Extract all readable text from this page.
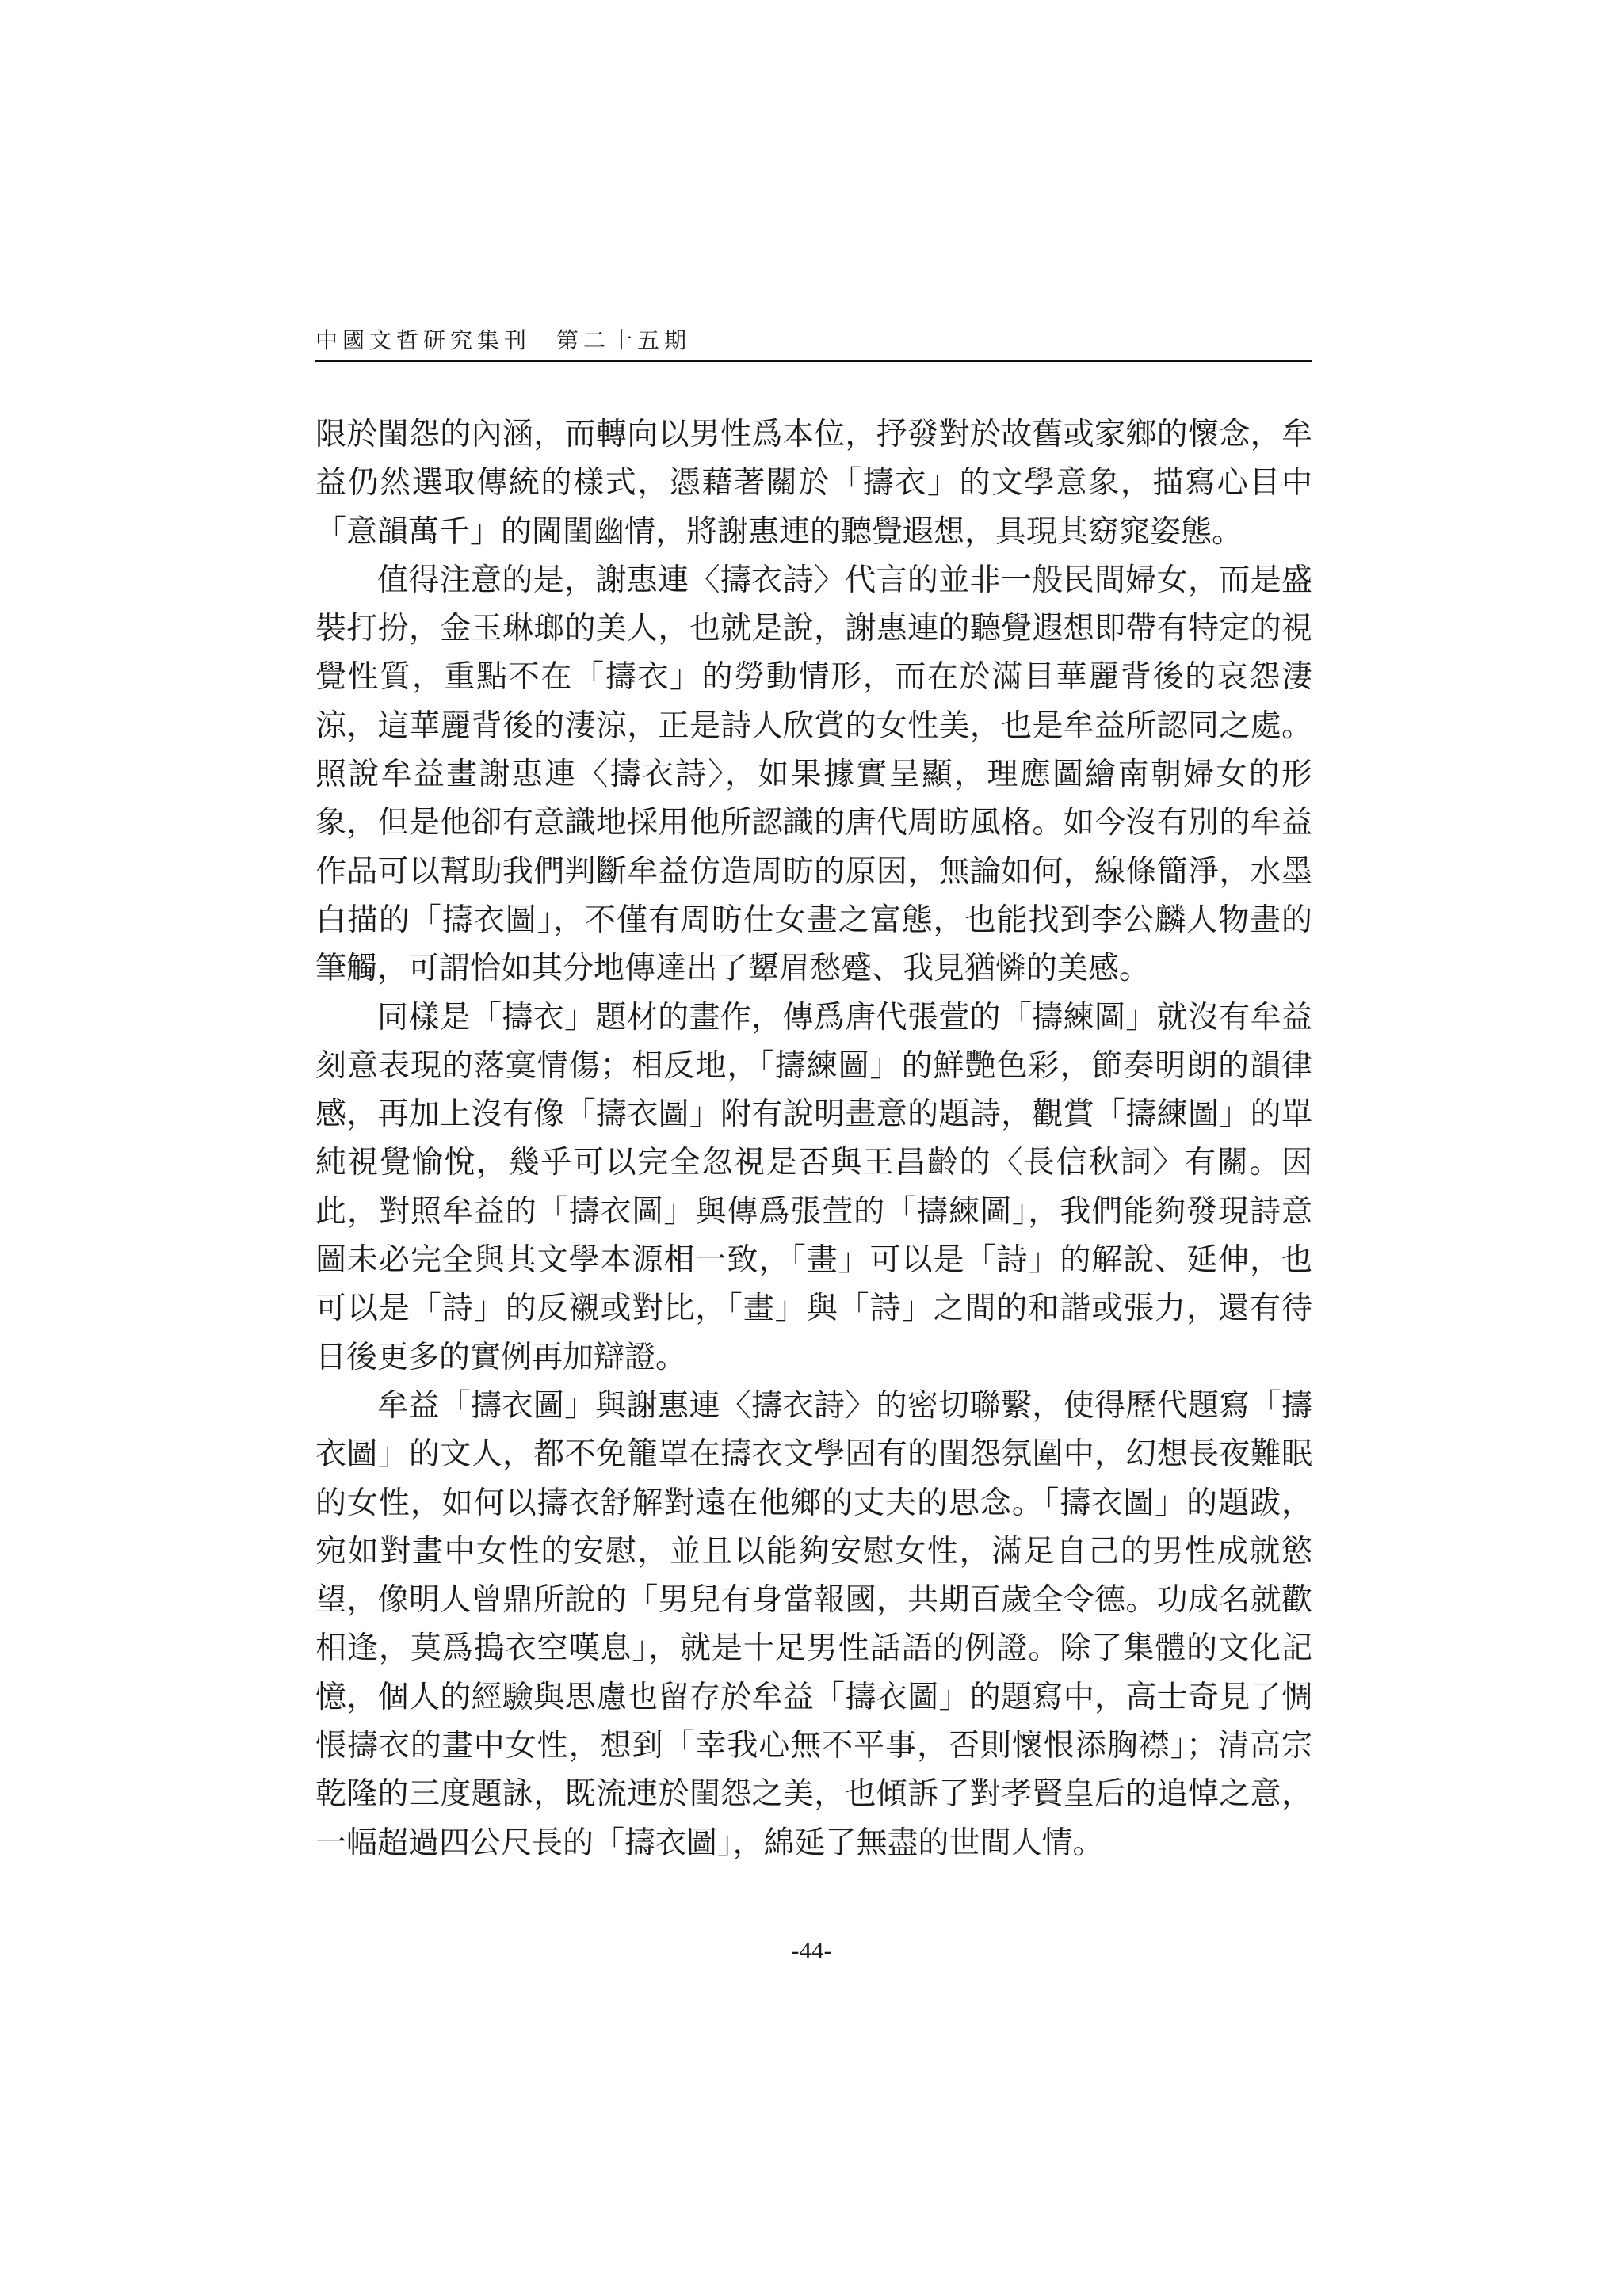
中國文哲研究集刊 第二十五期

限於閨怨的內涵，而轉向以男性爲本位，抒發對於故舊或家鄉的懷念，牟益仍然選取傳統的樣式，憑藉著關於「擣衣」的文學意象，描寫心目中「意韻萬千」的閫閨幽情，將謝惠連的聽覺遐想，具現其窈窕姿態。

值得注意的是，謝惠連〈擣衣詩〉代言的並非一般民間婦女，而是盛裝打扮，金玉琳瑯的美人，也就是說，謝惠連的聽覺遐想即帶有特定的視覺性質，重點不在「擣衣」的勞動情形，而在於滿目華麗背後的哀怨淒涼，這華麗背後的淒涼，正是詩人欣賞的女性美，也是牟益所認同之處。照說牟益畫謝惠連〈擣衣詩〉，如果據實呈顯，理應圖繪南朝婦女的形象，但是他卻有意識地採用他所認識的唐代周昉風格。如今沒有別的牟益作品可以幫助我們判斷牟益仿造周昉的原因，無論如何，線條簡淨，水墨白描的「擣衣圖」，不僅有周昉仕女畫之富態，也能找到李公麟人物畫的筆觸，可謂恰如其分地傳達出了顰眉愁蹙、我見猶憐的美感。

同樣是「擣衣」題材的畫作，傳爲唐代張萱的「擣練圖」就沒有牟益刻意表現的落寞情傷；相反地，「擣練圖」的鮮艷色彩，節奏明朗的韻律感，再加上沒有像「擣衣圖」附有說明畫意的題詩，觀賞「擣練圖」的單純視覺愉悅，幾乎可以完全忽視是否與王昌齡的〈長信秋詞〉有關。因此，對照牟益的「擣衣圖」與傳爲張萱的「擣練圖」，我們能夠發現詩意圖未必完全與其文學本源相一致，「畫」可以是「詩」的解說、延伸，也可以是「詩」的反襯或對比，「畫」與「詩」之間的和諧或張力，還有待日後更多的實例再加辯證。

牟益「擣衣圖」與謝惠連〈擣衣詩〉的密切聯繫，使得歷代題寫「擣衣圖」的文人，都不免籠罩在擣衣文學固有的閨怨氛圍中，幻想長夜難眠的女性，如何以擣衣舒解對遠在他鄉的丈夫的思念。「擣衣圖」的題跋，宛如對畫中女性的安慰，並且以能夠安慰女性，滿足自己的男性成就慾望，像明人曾鼎所說的「男兒有身當報國，共期百歲全令德。功成名就歡相逢，莫爲搗衣空嘆息」，就是十足男性話語的例證。除了集體的文化記憶，個人的經驗與思慮也留存於牟益「擣衣圖」的題寫中，高士奇見了惆悵擣衣的畫中女性，想到「幸我心無不平事，否則懷恨添胸襟」；清高宗乾隆的三度題詠，既流連於閨怨之美，也傾訴了對孝賢皇后的追悼之意，一幅超過四公尺長的「擣衣圖」，綿延了無盡的世間人情。

-44-
